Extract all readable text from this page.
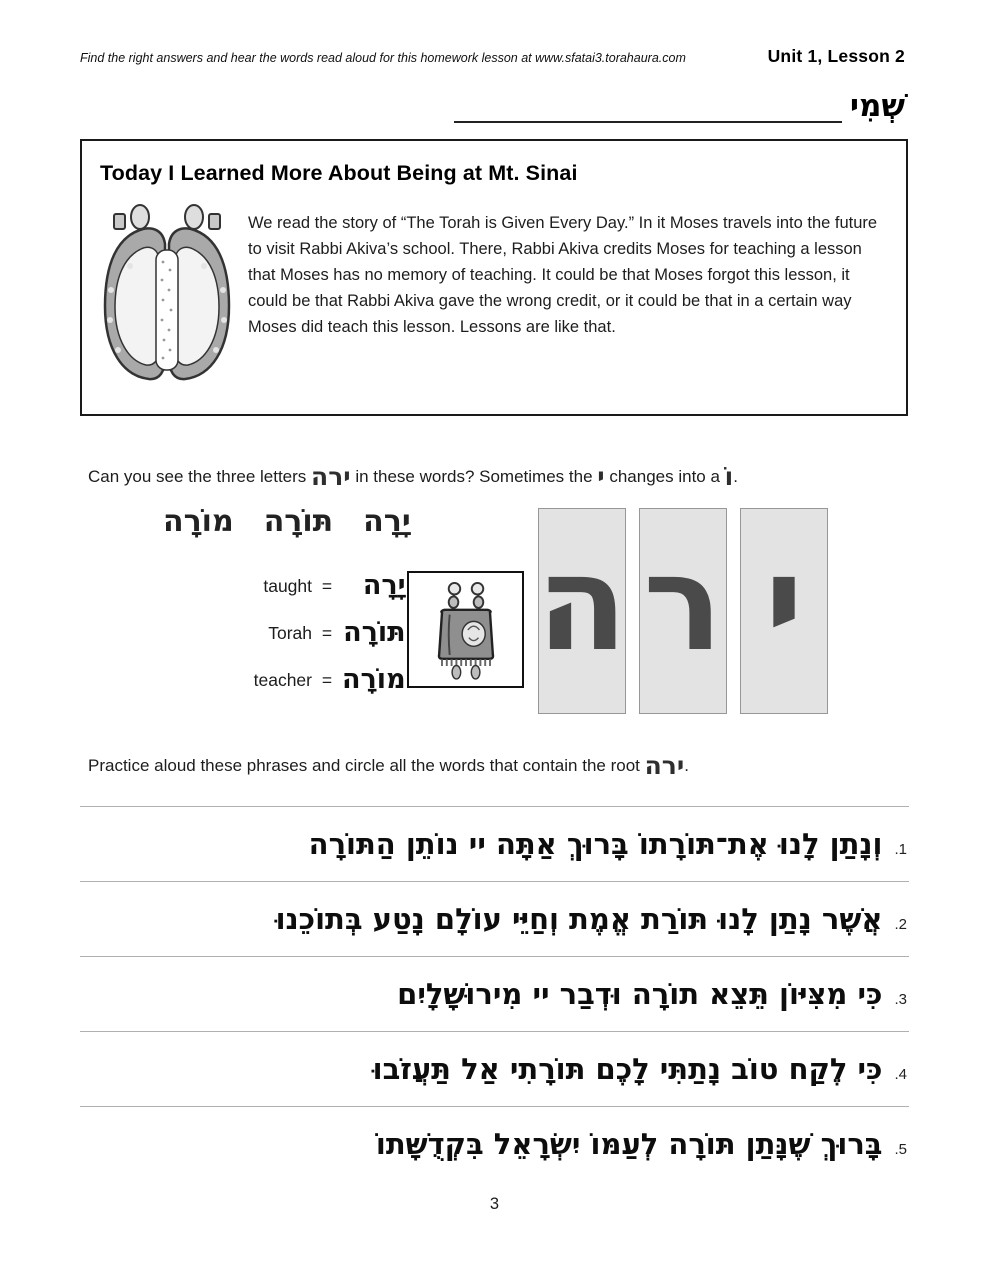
Find the right answers and hear the words read aloud for this homework lesson at www.sfatai3.torahaura.com	Unit 1, Lesson 2
שְׁמִי
Today I Learned More About Being at Mt. Sinai
We read the story of “The Torah is Given Every Day.” In it Moses travels into the future to visit Rabbi Akiva’s school. There, Rabbi Akiva credits Moses for teaching a lesson that Moses has no memory of teaching. It could be that Moses forgot this lesson, it could be that Rabbi Akiva gave the wrong credit, or it could be that in a certain way Moses did teach this lesson. Lessons are like that.
Can you see the three letters ירה in these words? Sometimes the י changes into a וֹ.
יָרָה
תּוֹרָה
מוֹרָה
taught =	יָרָה
Torah = תּוֹרָה
teacher = מוֹרָה	י
ר
ה
Practice aloud these phrases and circle all the words that contain the root ירה.
.1
וְנָתַן לָנוּ אֶת־תּוֹרָתוֹ בָּרוּךְ אַתָּה יי נוֹתֵן הַתּוֹרָה
.2
אֲשֶׁר נָתַן לָנוּ תּוֹרַת אֱמֶת וְחַיֵּי עוֹלָם נָטַע בְּתוֹכֵנוּ
.3
כִּי מִצִּיּוֹן תֵּצֵא תוֹרָה וּדְבַר יי מִירוּשָׁלָיִם
.4
כִּי לֶקַח טוֹב נָתַתִּי לָכֶם תּוֹרָתִי אַל תַּעֲזֹבוּ
.5
בָּרוּךְ שֶׁנָּתַן תּוֹרָה לְעַמּוֹ יִשְׂרָאֵל בִּקְדֻשָּׁתוֹ
3
